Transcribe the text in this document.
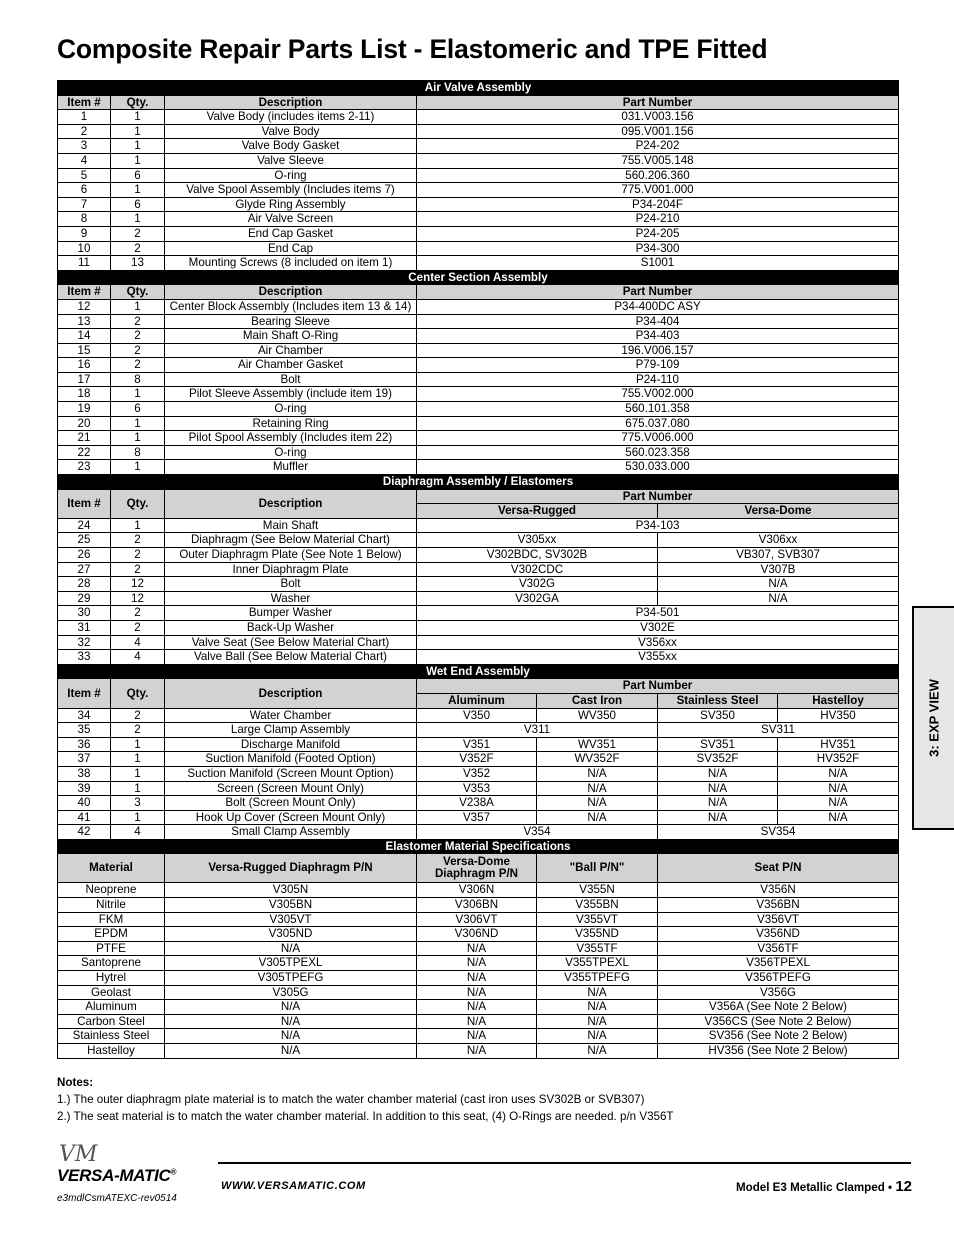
Composite Repair Parts List - Elastomeric and TPE Fitted
Air Valve Assembly						
Item #	Qty.	Description	Part Number			
1	1	Valve Body (includes items 2-11)	031.V003.156			
2	1	Valve Body	095.V001.156			
3	1	Valve Body Gasket	P24-202			
4	1	Valve Sleeve	755.V005.148			
5	6	O-ring	560.206.360			
6	1	Valve Spool Assembly (Includes items 7)	775.V001.000			
7	6	Glyde Ring Assembly	P34-204F			
8	1	Air Valve Screen	P24-210			
9	2	End Cap Gasket	P24-205			
10	2	End Cap	P34-300			
11	13	Mounting Screws (8 included on item 1)	S1001			
Center Section Assembly						
Item #	Qty.	Description	Part Number			
12	1	Center Block Assembly (Includes item 13 & 14)	P34-400DC ASY			
13	2	Bearing Sleeve	P34-404			
14	2	Main Shaft O-Ring	P34-403			
15	2	Air Chamber	196.V006.157			
16	2	Air Chamber Gasket	P79-109			
17	8	Bolt	P24-110			
18	1	Pilot Sleeve Assembly (include item 19)	755.V002.000			
19	6	O-ring	560.101.358			
20	1	Retaining Ring	675.037.080			
21	1	Pilot Spool Assembly (Includes item 22)	775.V006.000			
22	8	O-ring	560.023.358			
23	1	Muffler	530.033.000			
Diaphragm Assembly / Elastomers						
Item #	Qty.	Description	Part Number			
			Versa-Rugged		Versa-Dome	
24	1	Main Shaft	P34-103			
25	2	Diaphragm (See Below Material Chart)	V305xx		V306xx	
26	2	Outer Diaphragm Plate (See Note 1 Below)	V302BDC, SV302B		VB307, SVB307	
27	2	Inner Diaphragm Plate	V302CDC		V307B	
28	12	Bolt	V302G		N/A	
29	12	Washer	V302GA		N/A	
30	2	Bumper Washer	P34-501			
31	2	Back-Up Washer	V302E			
32	4	Valve Seat (See Below Material Chart)	V356xx			
33	4	Valve Ball (See Below Material Chart)	V355xx			
Wet End Assembly						
Item #	Qty.	Description	Part Number			
			Aluminum	Cast Iron	Stainless Steel	Hastelloy
34	2	Water Chamber	V350	WV350	SV350	HV350
35	2	Large Clamp Assembly	V311		SV311	
36	1	Discharge Manifold	V351	WV351	SV351	HV351
37	1	Suction Manifold (Footed Option)	V352F	WV352F	SV352F	HV352F
38	1	Suction Manifold (Screen Mount Option)	V352	N/A	N/A	N/A
39	1	Screen (Screen Mount Only)	V353	N/A	N/A	N/A
40	3	Bolt (Screen Mount Only)	V238A	N/A	N/A	N/A
41	1	Hook Up Cover (Screen Mount Only)	V357	N/A	N/A	N/A
42	4	Small Clamp Assembly	V354		SV354	
Elastomer Material Specifications						
Material		Versa-Rugged Diaphragm P/N	Versa-Dome
Diaphragm P/N	"Ball P/N"	Seat P/N	
Neoprene		V305N	V306N	V355N	V356N	
Nitrile		V305BN	V306BN	V355BN	V356BN	
FKM		V305VT	V306VT	V355VT	V356VT	
EPDM		V305ND	V306ND	V355ND	V356ND	
PTFE		N/A	N/A	V355TF	V356TF	
Santoprene		V305TPEXL	N/A	V355TPEXL	V356TPEXL	
Hytrel		V305TPEFG	N/A	V355TPEFG	V356TPEFG	
Geolast		V305G	N/A	N/A	V356G	
Aluminum		N/A	N/A	N/A	V356A (See Note 2 Below)	
Carbon Steel		N/A	N/A	N/A	V356CS (See Note 2 Below)	
Stainless Steel		N/A	N/A	N/A	SV356 (See Note 2 Below)	
Hastelloy		N/A	N/A	N/A	HV356 (See Note 2 Below)	
Notes:
1.) The outer diaphragm plate material is to match the water chamber material (cast iron uses SV302B or SVB307)
2.) The seat material is to match the water chamber material. In addition to this seat, (4) O-Rings are needed. p/n V356T
3: EXP VIEW
VM
VERSA-MATIC®
WWW.VERSAMATIC.COM	Model E3 Metallic Clamped • 12
e3mdlCsmATEXC-rev0514
